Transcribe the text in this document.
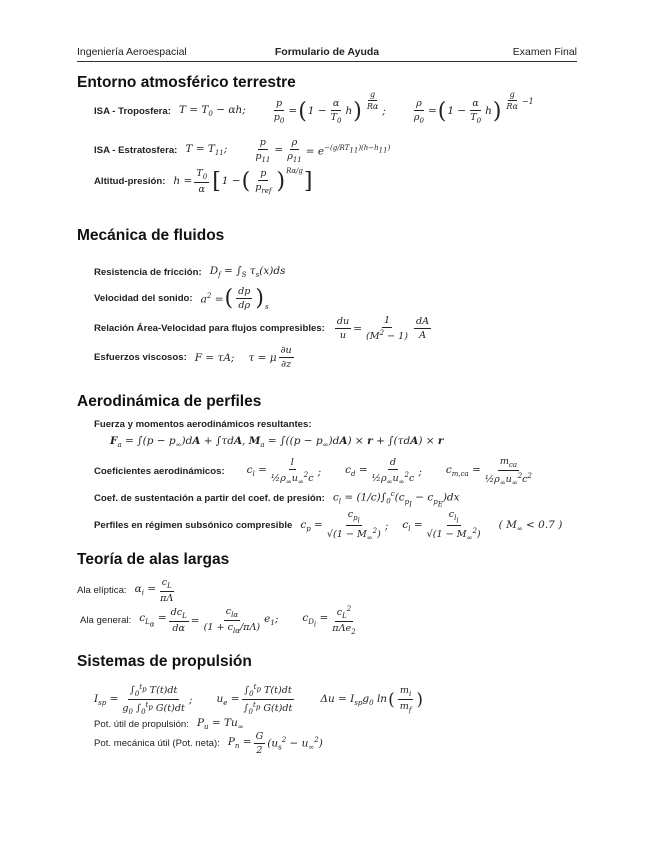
Ingeniería Aeroespacial	Formulario de Ayuda	Examen Final
Entorno atmosférico terrestre
ISA - Troposfera: $T = T_0 - \alpha h$;	$\frac{p}{p_0}$ = ( $1 - \frac{\alpha}{T_0}$ h ) $\frac{g}{R\alpha}$
;	$\frac{\rho}{\rho_0}$ = ( $1 - \frac{\alpha}{T_0}$ h ) $\frac{g}{R\alpha} -1$
ISA - Estratosfera: $T = T_{11}$;	$\frac{p}{p_{11}} = \frac{\rho}{\rho_{11}} = e^{-(g/RT_{11})(h-h_{11})}$
Altitud-presión: $h = \frac{T_0}{\alpha}$ [ 1 − ( $\frac{p}{p_{ref}}$ ) Rα/g ]
Mecánica de fluidos
Resistencia de fricción: $D_f = \int_S$ $\tau_s(x)ds$
Velocidad del sonido: $a^2$ = ( $\frac{dp}{d\rho}$ ) s
Relación Área-Velocidad para flujos compresibles: $\frac{du}{u} = \frac{1}{(M^2 - 1)} \frac{dA}{A}$
Esfuerzos viscosos: F = τA; τ = μ $\frac{\partial u}{\partial z}$
Aerodinámica de perfiles
Fuerza y momentos aerodinámicos resultantes:
$F_a = \int(p - p_\infty)dA + \int\tau dA$, $M_a = \int((p - p_\infty)dA) \times r + \int(\tau dA) \times r$
Coeficientes aerodinámicos: $c_l = \frac{l}{\frac{1}{2}\rho_\infty u_\infty^2c}$ ; $c_d = \frac{d}{\frac{1}{2}\rho_\infty u_\infty^2c}$ ; $c_{m,ca} = \frac{m_{ca}}{\frac{1}{2}\rho_\infty u_\infty^2c^2}$
Coef. de sustentación a partir del coef. de presión: $c_l = (1/c)\int_0^c(c_{p_I} - c_{p_E})dx$
Perfiles en régimen subsónico compresible $c_p = \frac{c_{p_i}}{√(1 - M_\infty^2)}$ ; $c_l = \frac{c_{l_i}}{√(1 - M_\infty^2)}$ ( $M_\infty < 0.7$ )
Teoría de alas largas
Ala elíptica: $\alpha_i = \frac{c_L}{\pi\Lambda}$
Ala general: $c_{L_\alpha} = \frac{dc_L}{d\alpha} = \frac{c_{l\alpha}}{(1 + c_{l\alpha}/\pi\Lambda)} e_1$; $c_{D_i} = \frac{c_L^2}{\pi\Lambda e_2}$
Sistemas de propulsión
$I_{sp} = \frac{\int_0^{t_p} T(t)dt}{g_0 \int_0^{t_p} G(t)dt}$ ; $u_e = \frac{\int_0^{t_p} T(t)dt}{\int_0^{t_p} G(t)dt}$ $\Delta u = I_{sp}g_0$ ln ( $\frac{m_i}{m_f}$ )
Pot. útil de propulsión: $P_u = Tu_\infty$
Pot. mecánica útil (Pot. neta): $P_n = \frac{G}{2} (u_s^2 - u_\infty^2)$
